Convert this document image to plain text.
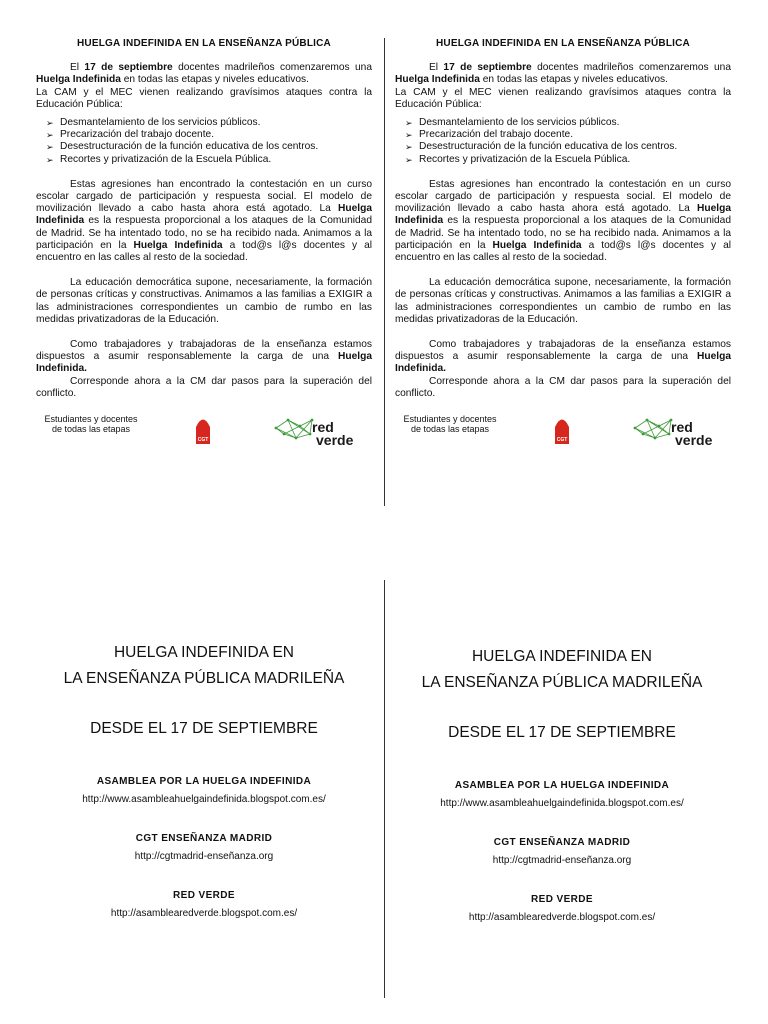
HUELGA INDEFINIDA EN LA ENSEÑANZA PÚBLICA

El 17 de septiembre docentes madrileños comenzaremos una Huelga Indefinida en todas las etapas y niveles educativos.

La CAM y el MEC vienen realizando gravísimos ataques contra la Educación Pública:

➢ Desmantelamiento de los servicios públicos.
➢ Precarización del trabajo docente.
➢ Desestructuración de la función educativa de los centros.
➢ Recortes y privatización de la Escuela Pública.

Estas agresiones han encontrado la contestación en un curso escolar cargado de participación y respuesta social. El modelo de movilización llevado a cabo hasta ahora está agotado. La Huelga Indefinida es la respuesta proporcional a los ataques de la Comunidad de Madrid. Se ha intentado todo, no se ha recibido nada. Animamos a la participación en la Huelga Indefinida a tod@s l@s docentes y al encuentro en las calles al resto de la sociedad.

La educación democrática supone, necesariamente, la formación de personas críticas y constructivas. Animamos a las familias a EXIGIR a las administraciones correspondientes un cambio de rumbo en las medidas privatizadoras de la Educación.

Como trabajadores y trabajadoras de la enseñanza estamos dispuestos a asumir responsablemente la carga de una Huelga Indefinida.

Corresponde ahora a la CM dar pasos para la superación del conflicto.

Estudiantes y docentes
de todas las etapas
CGT
red
verde
HUELGA INDEFINIDA EN LA ENSEÑANZA PÚBLICA

El 17 de septiembre docentes madrileños comenzaremos una Huelga Indefinida en todas las etapas y niveles educativos.

La CAM y el MEC vienen realizando gravísimos ataques contra la Educación Pública:

➢ Desmantelamiento de los servicios públicos.
➢ Precarización del trabajo docente.
➢ Desestructuración de la función educativa de los centros.
➢ Recortes y privatización de la Escuela Pública.

Estas agresiones han encontrado la contestación en un curso escolar cargado de participación y respuesta social. El modelo de movilización llevado a cabo hasta ahora está agotado. La Huelga Indefinida es la respuesta proporcional a los ataques de la Comunidad de Madrid. Se ha intentado todo, no se ha recibido nada. Animamos a la participación en la Huelga Indefinida a tod@s l@s docentes y al encuentro en las calles al resto de la sociedad.

La educación democrática supone, necesariamente, la formación de personas críticas y constructivas. Animamos a las familias a EXIGIR a las administraciones correspondientes un cambio de rumbo en las medidas privatizadoras de la Educación.

Como trabajadores y trabajadoras de la enseñanza estamos dispuestos a asumir responsablemente la carga de una Huelga Indefinida.

Corresponde ahora a la CM dar pasos para la superación del conflicto.

Estudiantes y docentes
de todas las etapas
CGT
red
verde
HUELGA INDEFINIDA EN
LA ENSEÑANZA PÚBLICA MADRILEÑA
DESDE EL 17 DE SEPTIEMBRE
ASAMBLEA POR LA HUELGA INDEFINIDA
http://www.asambleahuelgaindefinida.blogspot.com.es/
CGT ENSEÑANZA MADRID
http://cgtmadrid-enseñanza.org
RED VERDE
http://asamblearedverde.blogspot.com.es/
HUELGA INDEFINIDA EN
LA ENSEÑANZA PÚBLICA MADRILEÑA
DESDE EL 17 DE SEPTIEMBRE
ASAMBLEA POR LA HUELGA INDEFINIDA
http://www.asambleahuelgaindefinida.blogspot.com.es/
CGT ENSEÑANZA MADRID
http://cgtmadrid-enseñanza.org
RED VERDE
http://asamblearedverde.blogspot.com.es/
